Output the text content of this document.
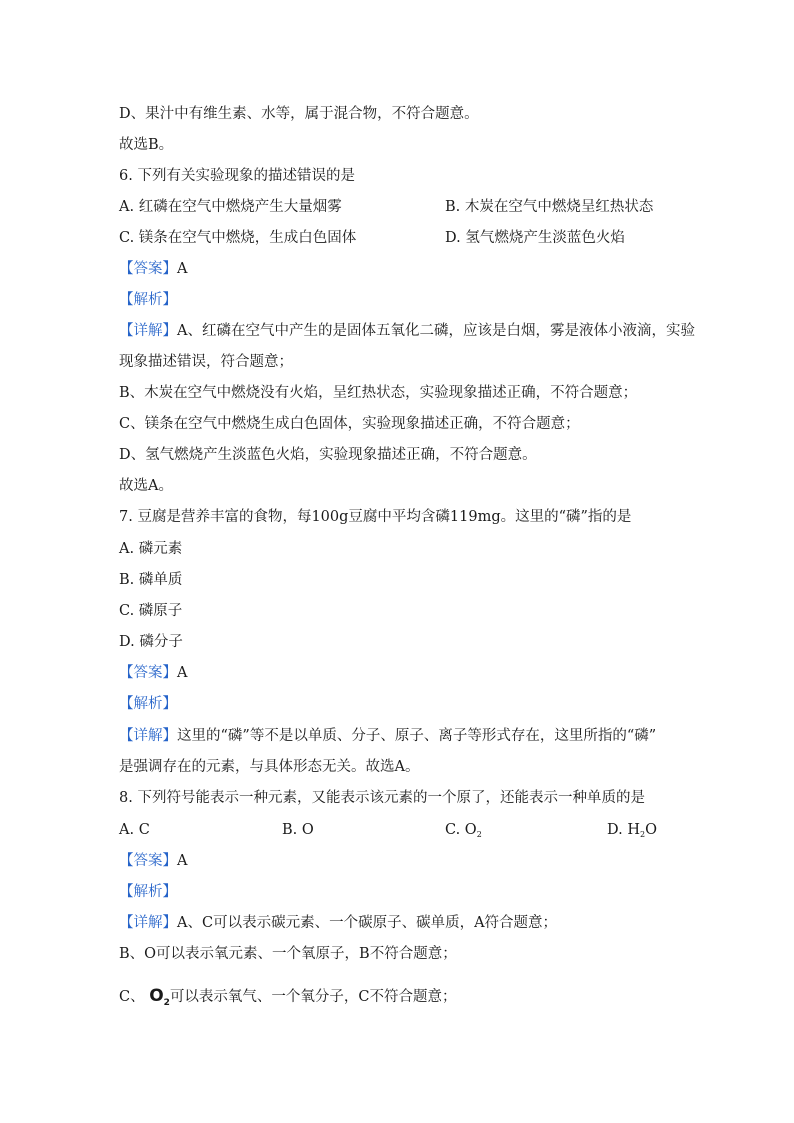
D、果汁中有维生素、水等，属于混合物，不符合题意。
故选B。
6. 下列有关实验现象的描述错误的是
A. 红磷在空气中燃烧产生大量烟雾	B. 木炭在空气中燃烧呈红热状态
C. 镁条在空气中燃烧，生成白色固体	D. 氢气燃烧产生淡蓝色火焰
【答案】A
【解析】
【详解】A、红磷在空气中产生的是固体五氧化二磷，应该是白烟，雾是液体小液滴，实验
现象描述错误，符合题意；
B、木炭在空气中燃烧没有火焰，呈红热状态，实验现象描述正确，不符合题意；
C、镁条在空气中燃烧生成白色固体，实验现象描述正确，不符合题意；
D、氢气燃烧产生淡蓝色火焰，实验现象描述正确，不符合题意。
故选A。
7. 豆腐是营养丰富的食物，每100g豆腐中平均含磷119mg。这里的“磷”指的是
A. 磷元素
B. 磷单质
C. 磷原子
D. 磷分子
【答案】A
【解析】
【详解】这里的“磷”等不是以单质、分子、原子、离子等形式存在，这里所指的“磷”
是强调存在的元素，与具体形态无关。故选A。
8. 下列符号能表示一种元素，又能表示该元素的一个原了，还能表示一种单质的是
A. C	B. O	C. $O_2$	D. $H_2O$
【答案】A
【解析】
【详解】A、C可以表示碳元素、一个碳原子、碳单质，A符合题意；
B、O可以表示氧元素、一个氧原子，B不符合题意；
C、 $O_2$可以表示氧气、一个氧分子，C不符合题意；
